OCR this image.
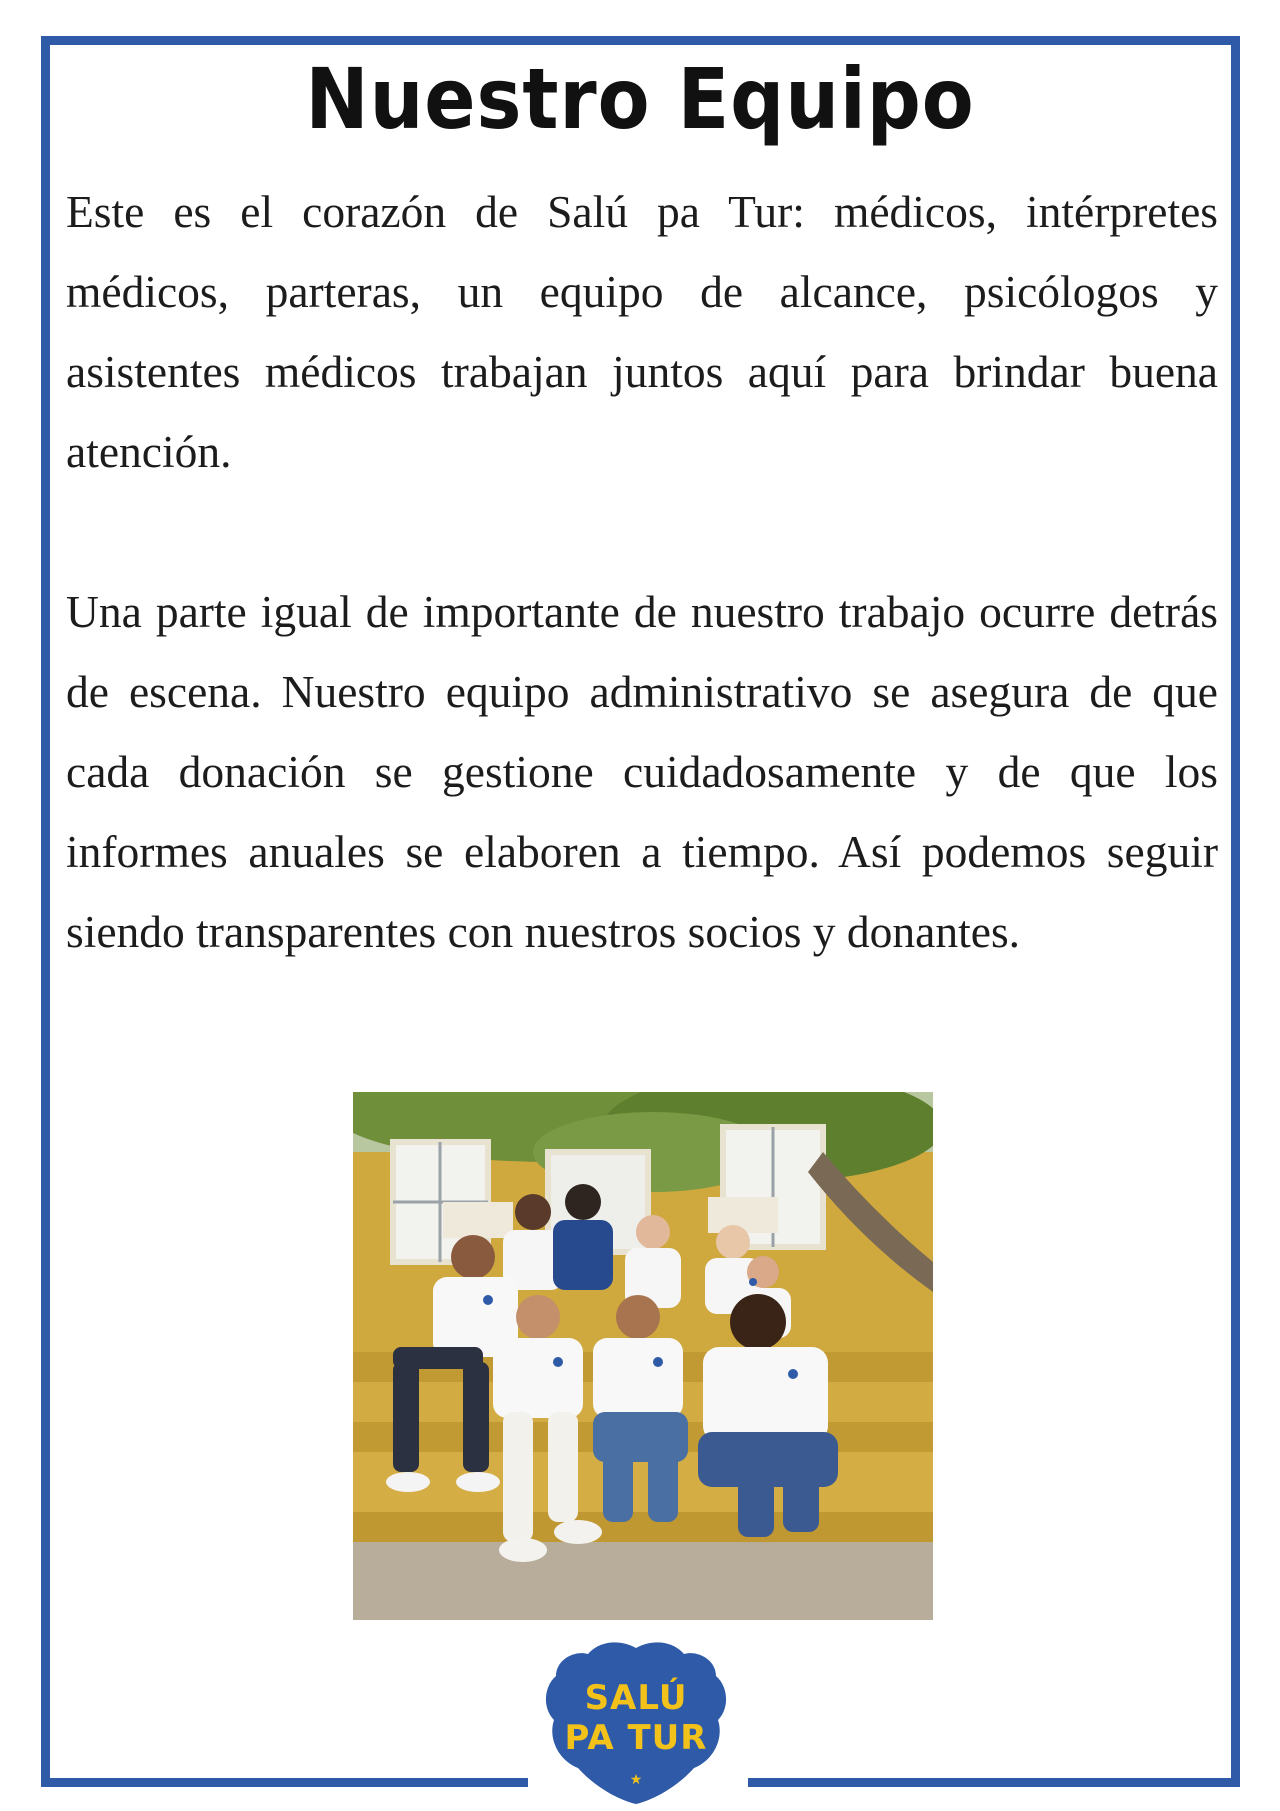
Nuestro Equipo

Este es el corazón de Salú pa Tur: médicos, intérpretes médicos, parteras, un equipo de alcance, psicólogos y asistentes médicos trabajan juntos aquí para brindar buena atención.

Una parte igual de importante de nuestro trabajo ocurre detrás de escena. Nuestro equipo administrativo se asegura de que cada donación se gestione cuidadosamente y de que los informes anuales se elaboren a tiempo. Así podemos seguir siendo transparentes con nuestros socios y donantes.

SALÚ
PA TUR
★
